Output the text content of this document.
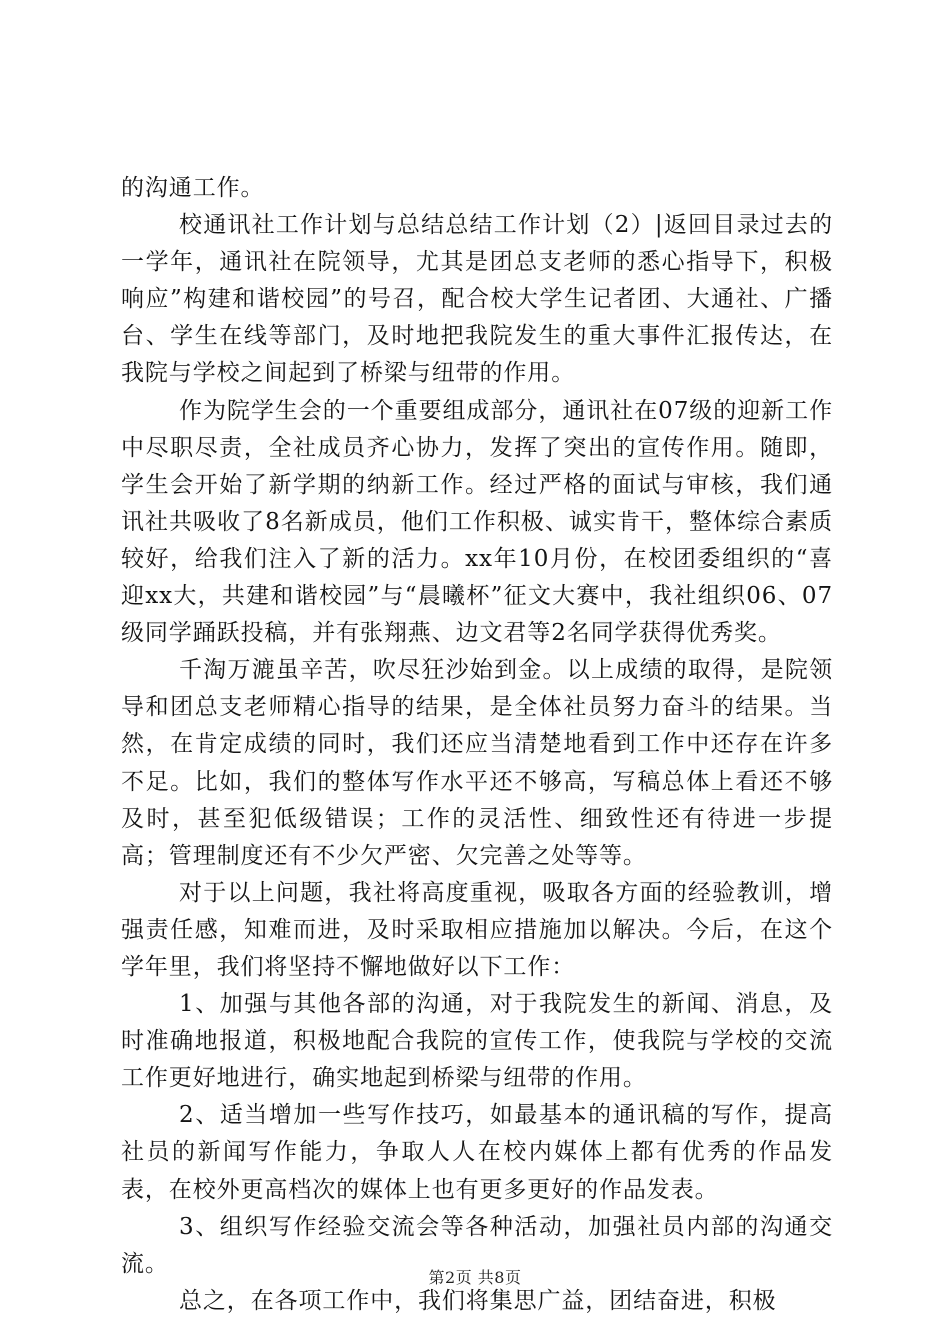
的沟通工作。

校通讯社工作计划与总结总结工作计划（2）|返回目录过去的一学年，通讯社在院领导，尤其是团总支老师的悉心指导下，积极响应”构建和谐校园”的号召，配合校大学生记者团、大通社、广播台、学生在线等部门，及时地把我院发生的重大事件汇报传达，在我院与学校之间起到了桥梁与纽带的作用。

作为院学生会的一个重要组成部分，通讯社在07级的迎新工作中尽职尽责，全社成员齐心协力，发挥了突出的宣传作用。随即，学生会开始了新学期的纳新工作。经过严格的面试与审核，我们通讯社共吸收了8名新成员，他们工作积极、诚实肯干，整体综合素质较好，给我们注入了新的活力。xx年10月份，在校团委组织的“喜迎xx大，共建和谐校园”与“晨曦杯”征文大赛中，我社组织06、07级同学踊跃投稿，并有张翔燕、边文君等2名同学获得优秀奖。

千淘万漉虽辛苦，吹尽狂沙始到金。以上成绩的取得，是院领导和团总支老师精心指导的结果，是全体社员努力奋斗的结果。当然，在肯定成绩的同时，我们还应当清楚地看到工作中还存在许多不足。比如，我们的整体写作水平还不够高，写稿总体上看还不够及时，甚至犯低级错误；工作的灵活性、细致性还有待进一步提高；管理制度还有不少欠严密、欠完善之处等等。

对于以上问题，我社将高度重视，吸取各方面的经验教训，增强责任感，知难而进，及时采取相应措施加以解决。今后，在这个学年里，我们将坚持不懈地做好以下工作：

1、加强与其他各部的沟通，对于我院发生的新闻、消息，及时准确地报道，积极地配合我院的宣传工作，使我院与学校的交流工作更好地进行，确实地起到桥梁与纽带的作用。

2、适当增加一些写作技巧，如最基本的通讯稿的写作，提高社员的新闻写作能力，争取人人在校内媒体上都有优秀的作品发表，在校外更高档次的媒体上也有更多更好的作品发表。

3、组织写作经验交流会等各种活动，加强社员内部的沟通交流。

总之，在各项工作中，我们将集思广益，团结奋进，积极

第2页 共8页
